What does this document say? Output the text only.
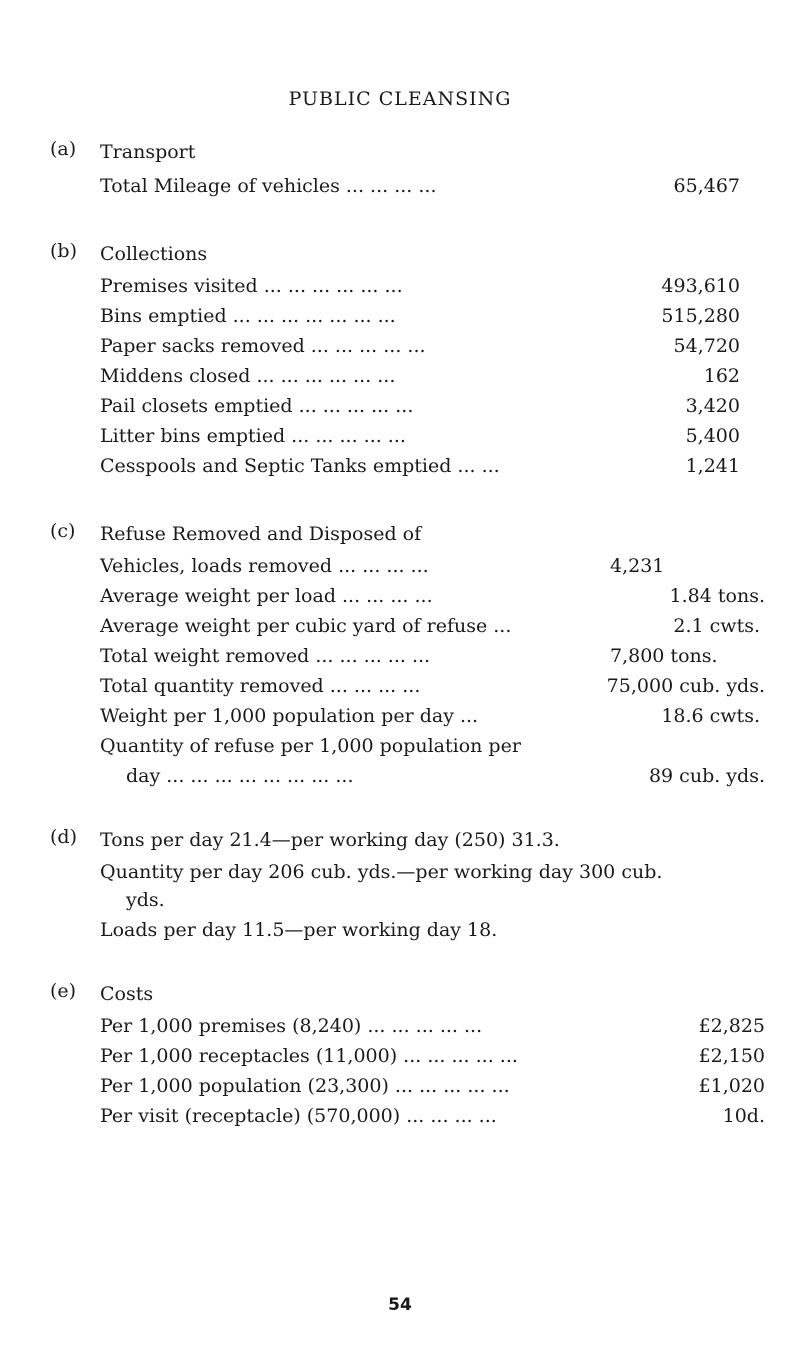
PUBLIC CLEANSING
(a) Transport
Total Mileage of vehicles ... ... ... ...	65,467
(b) Collections
Premises visited ... ... ... ... ... ...	493,610
Bins emptied ... ... ... ... ... ... ...	515,280
Paper sacks removed ... ... ... ... ...	54,720
Middens closed ... ... ... ... ... ...	162
Pail closets emptied ... ... ... ... ...	3,420
Litter bins emptied ... ... ... ... ...	5,400
Cesspools and Septic Tanks emptied ... ...	1,241
(c) Refuse Removed and Disposed of
Vehicles, loads removed ... ... ... ...	4,231
Average weight per load ... ... ... ...	1.84 tons.
Average weight per cubic yard of refuse ...	2.1 cwts.
Total weight removed ... ... ... ... ...	7,800 tons.
Total quantity removed ... ... ... ...	75,000 cub. yds.
Weight per 1,000 population per day ...	18.6 cwts.
Quantity of refuse per 1,000 population per
day ... ... ... ... ... ... ... ...	89 cub. yds.
(d) Tons per day 21.4—per working day (250) 31.3.
Quantity per day 206 cub. yds.—per working day 300 cub.
yds.
Loads per day 11.5—per working day 18.
(e) Costs
Per 1,000 premises (8,240) ... ... ... ... ...	£2,825
Per 1,000 receptacles (11,000) ... ... ... ... ...	£2,150
Per 1,000 population (23,300) ... ... ... ... ...	£1,020
Per visit (receptacle) (570,000) ... ... ... ...	10d.
54
